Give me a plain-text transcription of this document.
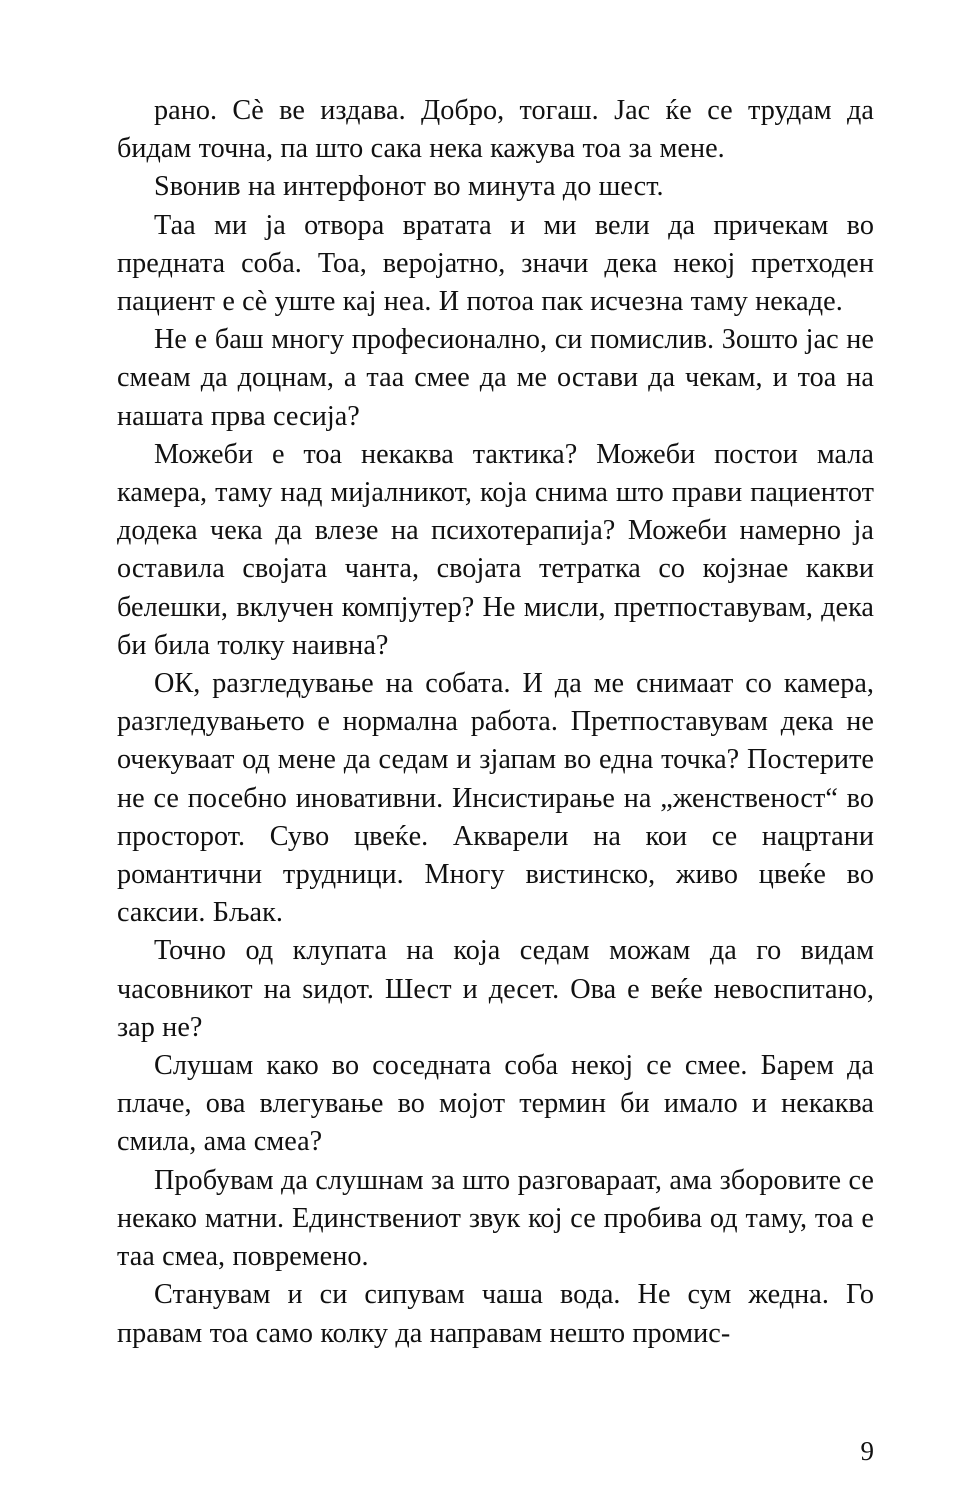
рано. Сѐ ве издава. Добро, тогаш. Јас ќе се трудам да бидам точна, па што сака нека кажува тоа за мене.

Ѕвонив на интерфонот во минута до шест.

Таа ми ја отвора вратата и ми вели да причекам во предната соба. Тоа, веројатно, значи дека некој претходен пациент е сѐ уште кај неа. И потоа пак исчезна таму некаде.

Не е баш многу професионално, си помислив. Зошто јас не смеам да доцнам, а таа смее да ме остави да чекам, и тоа на нашата прва сесија?

Можеби е тоа некаква тактика? Можеби постои мала камера, таму над мијалникот, која снима што прави пациентот додека чека да влезе на психотерапија? Можеби намерно ја оставила својата чанта, својата тетратка со којзнае какви белешки, вклучен компјутер? Не мисли, претпоставувам, дека би била толку наивна?

ОК, разгледување на собата. И да ме снимаат со камера, разгледувањето е нормална работа. Претпоставувам дека не очекуваат од мене да седам и зјапам во една точка? Постерите не се посебно иновативни. Инсистирање на „женственост“ во просторот. Суво цвеќе. Акварели на кои се нацртани романтични трудници. Многу вистинско, живо цвеќе во саксии. Бљак.

Точно од клупата на која седам можам да го видам часовникот на ѕидот. Шест и десет. Ова е веќе невоспитано, зар не?

Слушам како во соседната соба некој се смее. Барем да плаче, ова влегување во мојот термин би имало и некаква смила, ама смеа?

Пробувам да слушнам за што разговараат, ама зборовите се некако матни. Единствениот звук кој се пробива од таму, тоа е таа смеа, повремено.

Станувам и си сипувам чаша вода. Не сум жедна. Го правам тоа само колку да направам нешто промис-

9
